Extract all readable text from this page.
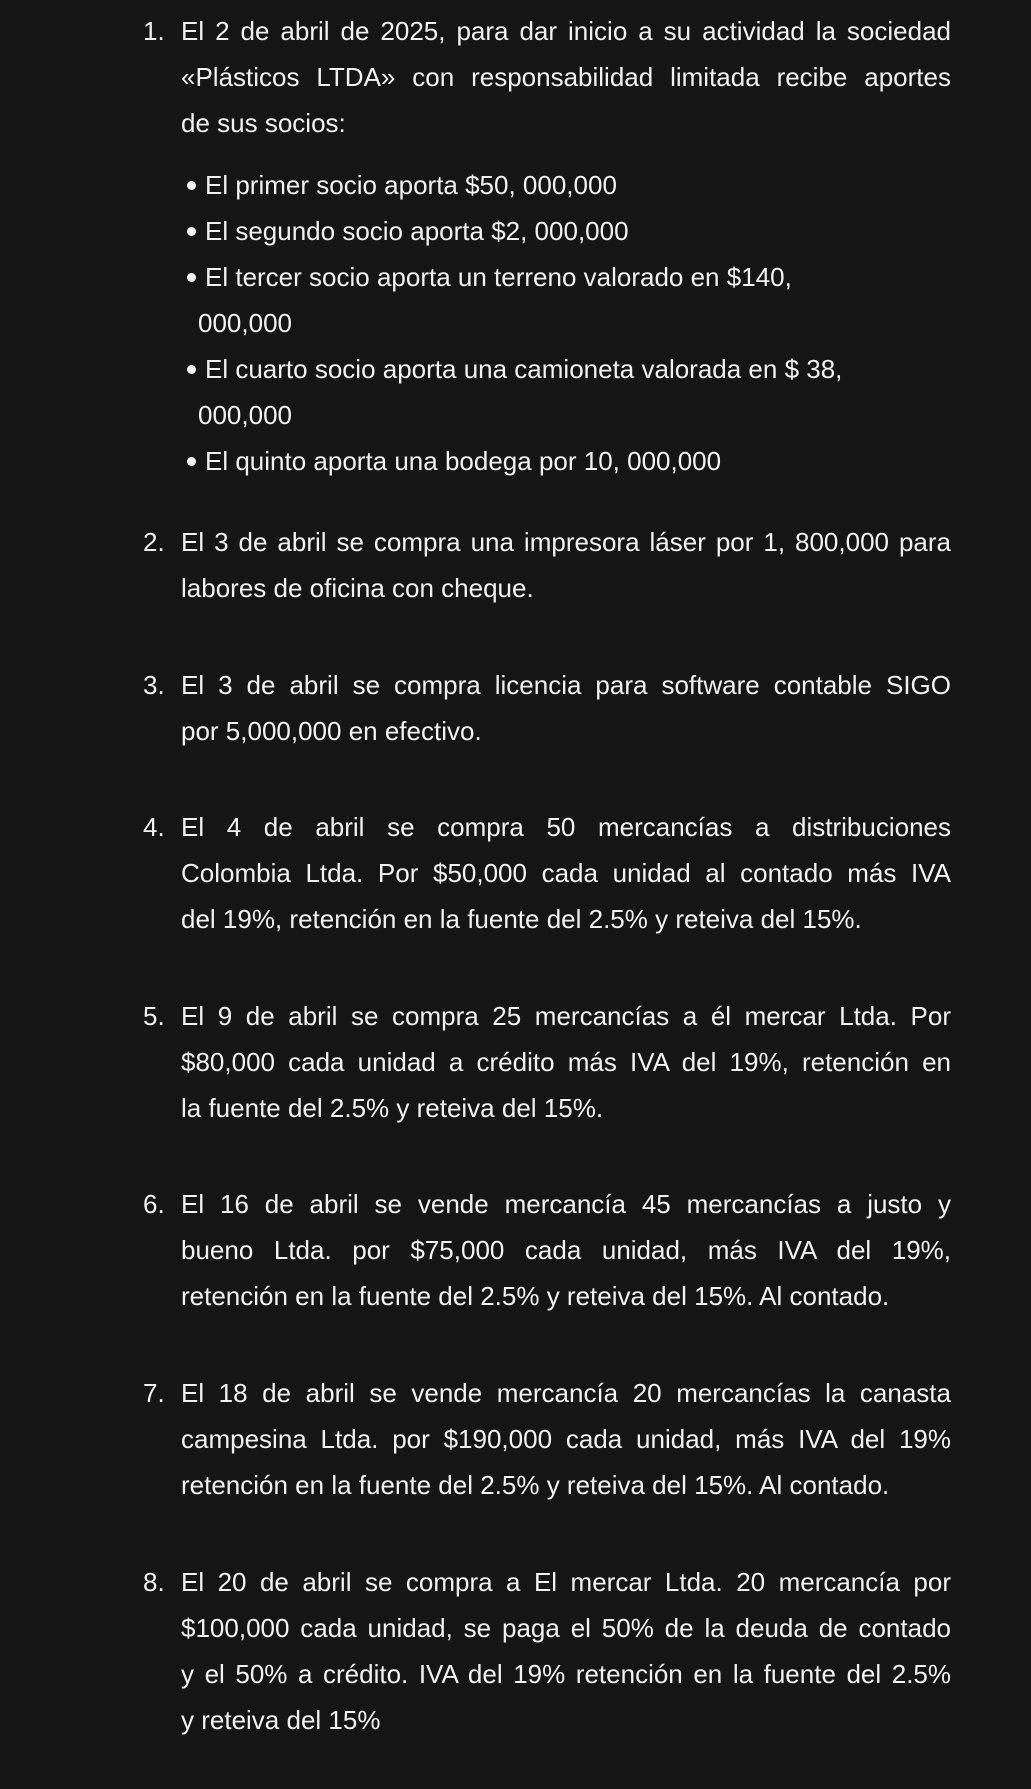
1. El 2 de abril de 2025, para dar inicio a su actividad la sociedad
«Plásticos LTDA» con responsabilidad limitada recibe aportes
de sus socios:
El primer socio aporta $50, 000,000
El segundo socio aporta $2, 000,000
El tercer socio aporta un terreno valorado en $140,
000,000
El cuarto socio aporta una camioneta valorada en $ 38,
000,000
El quinto aporta una bodega por 10, 000,000
2. El 3 de abril se compra una impresora láser por 1, 800,000 para
labores de oficina con cheque.
3. El 3 de abril se compra licencia para software contable SIGO
por 5,000,000 en efectivo.
4. El 4 de abril se compra 50 mercancías a distribuciones
Colombia Ltda. Por $50,000 cada unidad al contado más IVA
del 19%, retención en la fuente del 2.5% y reteiva del 15%.
5. El 9 de abril se compra 25 mercancías a él mercar Ltda. Por
$80,000 cada unidad a crédito más IVA del 19%, retención en
la fuente del 2.5% y reteiva del 15%.
6. El 16 de abril se vende mercancía 45 mercancías a justo y
bueno Ltda. por $75,000 cada unidad, más IVA del 19%,
retención en la fuente del 2.5% y reteiva del 15%. Al contado.
7. El 18 de abril se vende mercancía 20 mercancías la canasta
campesina Ltda. por $190,000 cada unidad, más IVA del 19%
retención en la fuente del 2.5% y reteiva del 15%. Al contado.
8. El 20 de abril se compra a El mercar Ltda. 20 mercancía por
$100,000 cada unidad, se paga el 50% de la deuda de contado
y el 50% a crédito. IVA del 19% retención en la fuente del 2.5%
y reteiva del 15%
